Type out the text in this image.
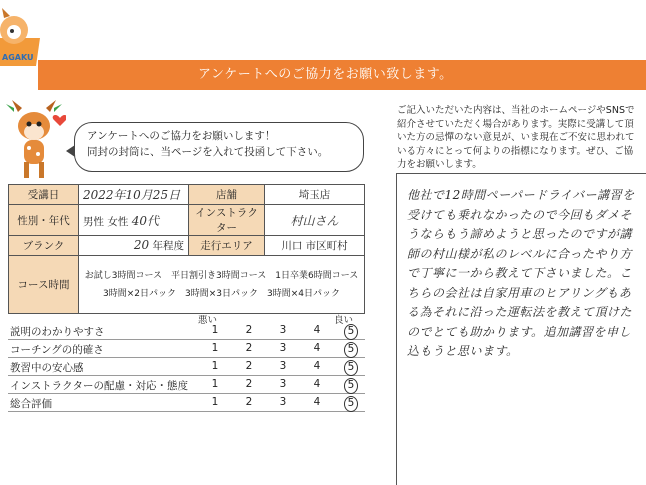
AGAKU
アンケートへのご協力をお願い致します。
アンケートへのご協力をお願いします！
同封の封筒に、当ページを入れて投函して下さい。
受講日	2022年10月25日	店舗	埼玉店
性別・年代	男性 女性 40代	インストラクター	村山さん
ブランク	20 年程度	走行エリア	川口 市区町村
コース時間	お試し3時間コース　平日割引き3時間コース　1日卒業6時間コース
3時間×2日パック　3時間×3日パック　3時間×4日パック		
悪い	良い
説明のわかりやすさ	1	2	3	4	5
コーチングの的確さ	1	2	3	4	5
教習中の安心感	1	2	3	4	5
インストラクターの配慮・対応・態度	1	2	3	4	5
総合評価	1	2	3	4	5
ご記入いただいた内容は、当社のホームページやSNSで紹介させていただく場合があります。実際に受講して頂いた方の忌憚のない意見が、いま現在ご不安に思われている方々にとって何よりの指標になります。ぜひ、ご協力をお願いします。
他社で12時間ペーパードライバー講習を受けても乗れなかったので今回もダメそうならもう諦めようと思ったのですが講師の村山様が私のレベルに合ったやり方で丁寧に一から教えて下さいました。こちらの会社は自家用車のヒアリングもある為それに沿った運転法を教えて頂けたのでとても助かります。追加講習を申し込もうと思います。
